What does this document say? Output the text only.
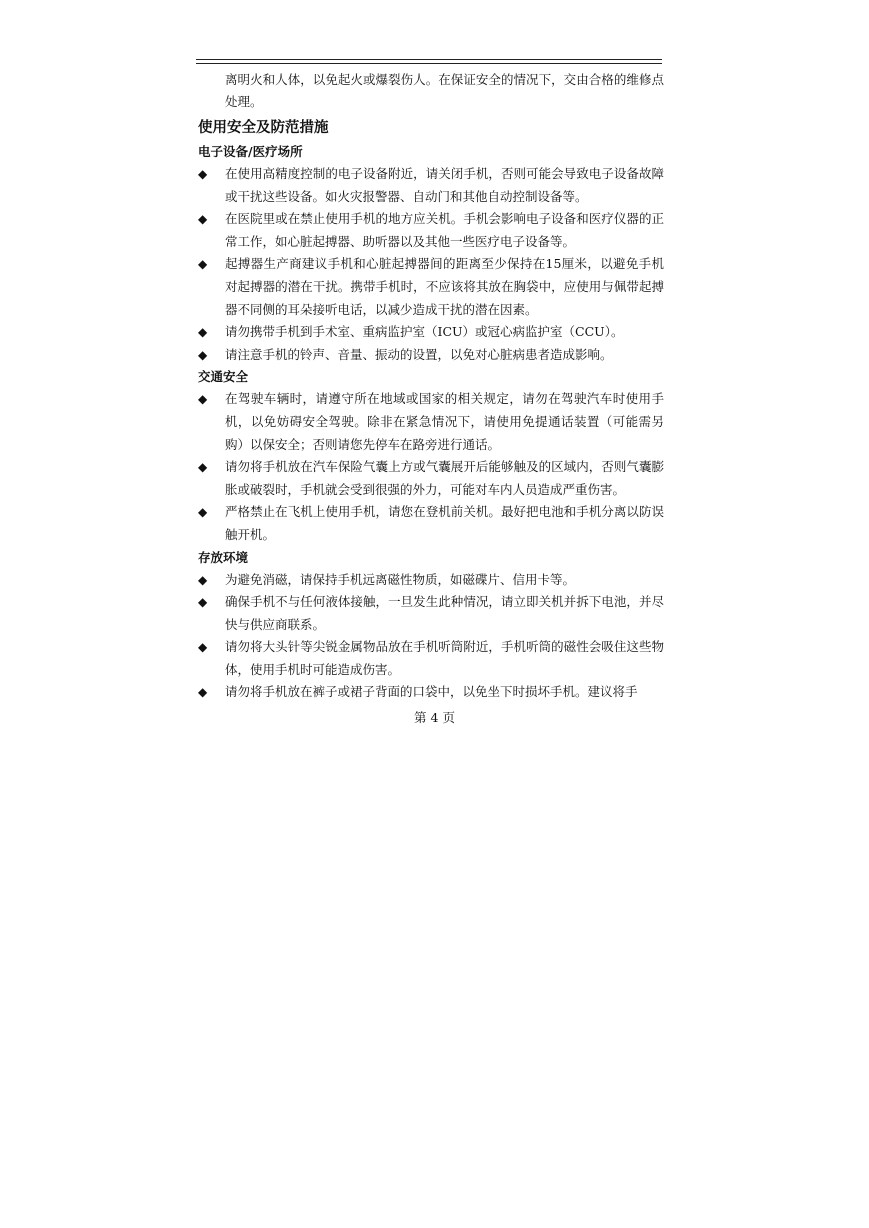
离明火和人体，以免起火或爆裂伤人。在保证安全的情况下，交由合格的维修点处理。

使用安全及防范措施
电子设备/医疗场所
◆	在使用高精度控制的电子设备附近，请关闭手机，否则可能会导致电子设备故障或干扰这些设备。如火灾报警器、自动门和其他自动控制设备等。
◆	在医院里或在禁止使用手机的地方应关机。手机会影响电子设备和医疗仪器的正常工作，如心脏起搏器、助听器以及其他一些医疗电子设备等。
◆	起搏器生产商建议手机和心脏起搏器间的距离至少保持在15厘米，以避免手机对起搏器的潜在干扰。携带手机时，不应该将其放在胸袋中，应使用与佩带起搏器不同侧的耳朵接听电话，以减少造成干扰的潜在因素。
◆	请勿携带手机到手术室、重病监护室（ICU）或冠心病监护室（CCU）。
◆	请注意手机的铃声、音量、振动的设置，以免对心脏病患者造成影响。
交通安全
◆	在驾驶车辆时，请遵守所在地域或国家的相关规定，请勿在驾驶汽车时使用手机，以免妨碍安全驾驶。除非在紧急情况下，请使用免提通话装置（可能需另购）以保安全；否则请您先停车在路旁进行通话。
◆	请勿将手机放在汽车保险气囊上方或气囊展开后能够触及的区域内，否则气囊膨胀或破裂时，手机就会受到很强的外力，可能对车内人员造成严重伤害。
◆	严格禁止在飞机上使用手机，请您在登机前关机。最好把电池和手机分离以防误触开机。
存放环境
◆	为避免消磁，请保持手机远离磁性物质，如磁碟片、信用卡等。
◆	确保手机不与任何液体接触，一旦发生此种情况，请立即关机并拆下电池，并尽快与供应商联系。
◆	请勿将大头针等尖锐金属物品放在手机听筒附近，手机听筒的磁性会吸住这些物体，使用手机时可能造成伤害。
◆	请勿将手机放在裤子或裙子背面的口袋中，以免坐下时损坏手机。建议将手
第 4 页
